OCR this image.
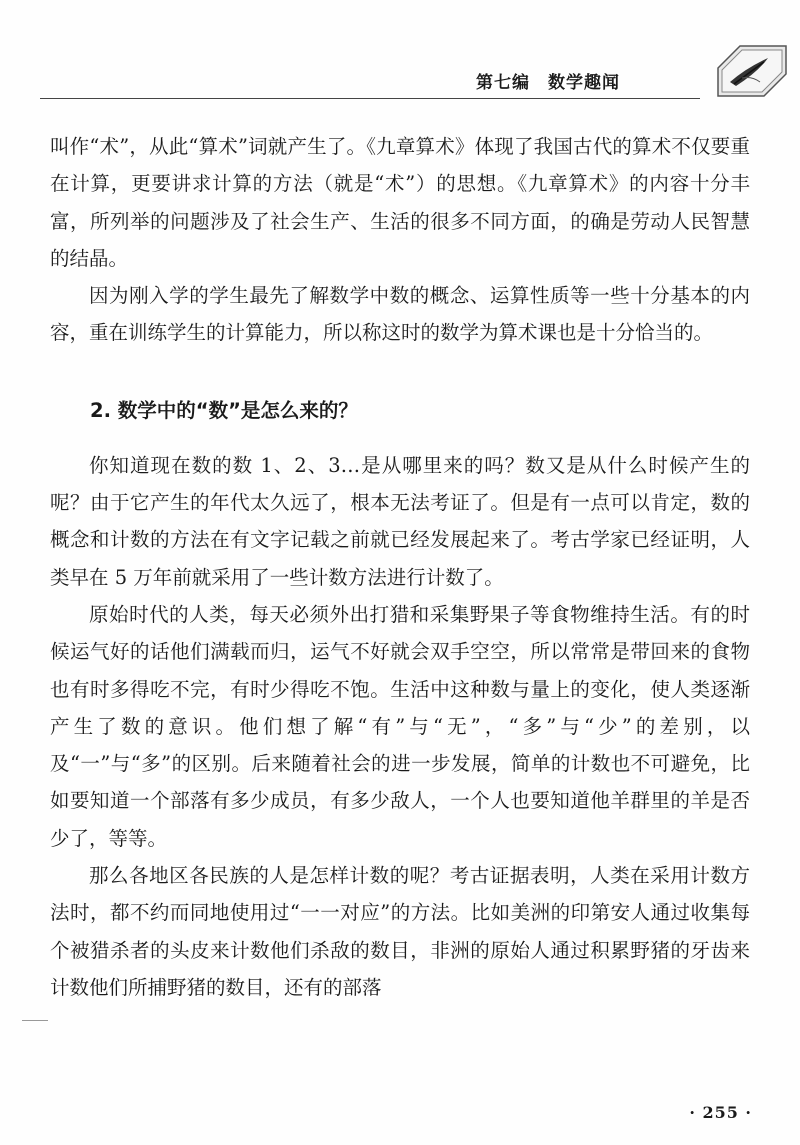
第七编　数学趣闻

叫作“术”，从此“算术”词就产生了。《九章算术》体现了我国古代的算术不仅要重在计算，更要讲求计算的方法（就是“术”）的思想。《九章算术》的内容十分丰富，所列举的问题涉及了社会生产、生活的很多不同方面，的确是劳动人民智慧的结晶。

因为刚入学的学生最先了解数学中数的概念、运算性质等一些十分基本的内容，重在训练学生的计算能力，所以称这时的数学为算术课也是十分恰当的。

2. 数学中的“数”是怎么来的？

你知道现在数的数 1、2、3…是从哪里来的吗？数又是从什么时候产生的呢？由于它产生的年代太久远了，根本无法考证了。但是有一点可以肯定，数的概念和计数的方法在有文字记载之前就已经发展起来了。考古学家已经证明，人类早在 5 万年前就采用了一些计数方法进行计数了。

原始时代的人类，每天必须外出打猎和采集野果子等食物维持生活。有的时候运气好的话他们满载而归，运气不好就会双手空空，所以常常是带回来的食物也有时多得吃不完，有时少得吃不饱。生活中这种数与量上的变化，使人类逐渐产生了数的意识。他们想了解“有”与“无”，“多”与“少”的差别，以及“一”与“多”的区别。后来随着社会的进一步发展，简单的计数也不可避免，比如要知道一个部落有多少成员，有多少敌人，一个人也要知道他羊群里的羊是否少了，等等。

那么各地区各民族的人是怎样计数的呢？考古证据表明，人类在采用计数方法时，都不约而同地使用过“一一对应”的方法。比如美洲的印第安人通过收集每个被猎杀者的头皮来计数他们杀敌的数目，非洲的原始人通过积累野猪的牙齿来计数他们所捕野猪的数目，还有的部落

· 255 ·
